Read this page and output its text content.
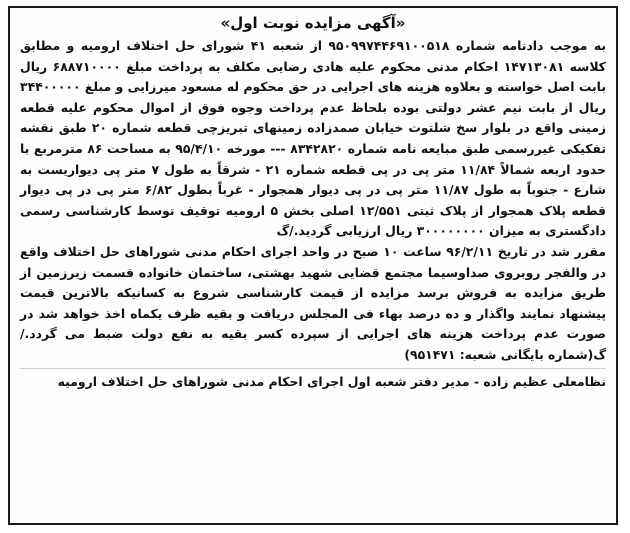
«آگهی مزایده نوبت اول»

به موجب دادنامه شماره ۹۵۰۹۹۷۴۴۶۹۱۰۰۵۱۸ از شعبه ۴۱ شورای حل اختلاف ارومیه و مطابق کلاسه ۱۴۷۱۳۰۸۱ احکام مدنی محکوم علیه هادی رضایی مکلف به پرداخت مبلغ ۶۸۸۷۱۰۰۰۰ ریال بابت اصل خواسته و بعلاوه هزینه های اجرایی در حق محکوم له مسعود میرزایی و مبلغ ۳۴۴۰۰۰۰۰ ریال از بابت نیم عشر دولتی بوده بلحاظ عدم پرداخت وجوه فوق از اموال محکوم علیه قطعه زمینی واقع در بلوار سخ شلتوت خیابان صمدزاده زمینهای تبریزچی قطعه شماره ۲۰ طبق نقشه تفکیکی غیررسمی طبق مبایعه نامه شماره ۸۳۴۲۸۲۰ --- مورخه ۹۵/۴/۱۰ به مساحت ۸۶ مترمربع با حدود اربعه شمالاً ۱۱/۸۴ متر پی در پی قطعه شماره ۲۱ - شرقاً به طول ۷ متر پی دیواریست به شارع - جنوباً به طول ۱۱/۸۷ متر پی در پی دیوار همجوار - غرباً بطول ۶/۸۲ متر پی در پی دیوار قطعه پلاک همجوار از پلاک ثبتی ۱۲/۵۵۱ اصلی بخش ۵ ارومیه توقیف توسط کارشناسی رسمی دادگستری به میزان ۳۰۰۰۰۰۰۰۰ ریال ارزیابی گردید./گ

مقرر شد در تاریخ ۹۶/۲/۱۱ ساعت ۱۰ صبح در واحد اجرای احکام مدنی شوراهای حل اختلاف واقع در والفجر روبروی صداوسیما مجتمع قضایی شهید بهشتی، ساختمان خانواده قسمت زیرزمین از طریق مزایده به فروش برسد مزایده از قیمت کارشناسی شروع به کسانیکه بالاترین قیمت پیشنهاد نمایند واگذار و ده درصد بهاء فی المجلس دریافت و بقیه ظرف یکماه اخذ خواهد شد در صورت عدم پرداخت هزینه های اجرایی از سپرده کسر بقیه به نفع دولت ضبط می گردد./گ(شماره بایگانی شعبه: ۹۵۱۴۷۱)

نظامعلی عظیم زاده - مدیر دفتر شعبه اول اجرای احکام مدنی شوراهای حل اختلاف ارومیه
